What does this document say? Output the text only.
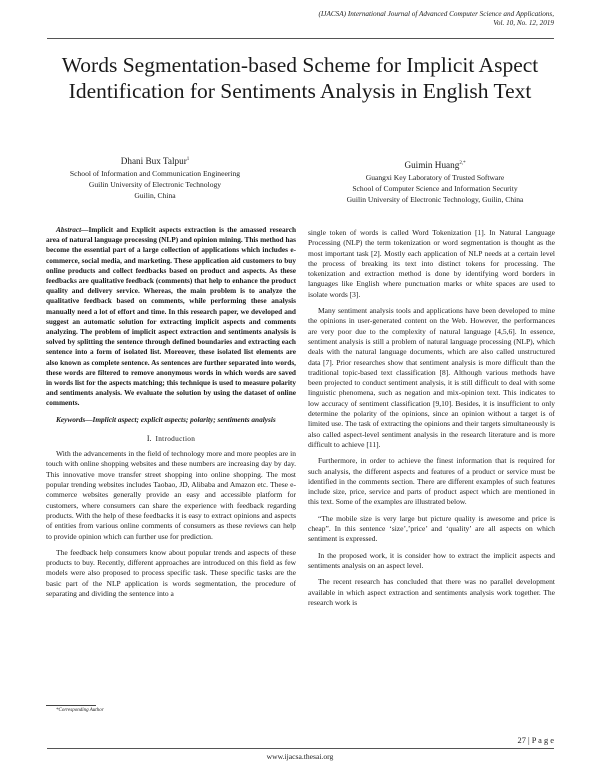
(IJACSA) International Journal of Advanced Computer Science and Applications,
Vol. 10, No. 12, 2019
Words Segmentation-based Scheme for Implicit Aspect Identification for Sentiments Analysis in English Text
Dhani Bux Talpur$^1$
School of Information and Communication Engineering
Guilin University of Electronic Technology
Guilin, China
Guimin Huang$^{2,*}$
Guangxi Key Laboratory of Trusted Software
School of Computer Science and Information Security
Guilin University of Electronic Technology, Guilin, China

Abstract—Implicit and Explicit aspects extraction is the amassed research area of natural language processing (NLP) and opinion mining. This method has become the essential part of a large collection of applications which includes e-commerce, social media, and marketing. These application aid customers to buy online products and collect feedbacks based on product and aspects. As these feedbacks are qualitative feedback (comments) that help to enhance the product quality and delivery service. Whereas, the main problem is to analyze the qualitative feedback based on comments, while performing these analysis manually need a lot of effort and time. In this research paper, we developed and suggest an automatic solution for extracting implicit aspects and comments analyzing. The problem of implicit aspect extraction and sentiments analysis is solved by splitting the sentence through defined boundaries and extracting each sentence into a form of isolated list. Moreover, these isolated list elements are also known as complete sentence. As sentences are further separated into words, these words are filtered to remove anonymous words in which words are saved in words list for the aspects matching; this technique is used to measure polarity and sentiments analysis. We evaluate the solution by using the dataset of online comments.

Keywords—Implicit aspect; explicit aspects; polarity; sentiments analysis

I. Introduction

With the advancements in the field of technology more and more peoples are in touch with online shopping websites and these numbers are increasing day by day. This innovative move transfer street shopping into online shopping. The most popular trending websites includes Taobao, JD, Alibaba and Amazon etc. These e-commerce websites generally provide an easy and accessible platform for customers, where consumers can share the experience with feedback regarding products. With the help of these feedbacks it is easy to extract opinions and aspects of entities from various online comments of consumers as these reviews can help to provide opinion which can further use for prediction.

The feedback help consumers know about popular trends and aspects of these products to buy. Recently, different approaches are introduced on this field as few models were also proposed to process specific task. These specific tasks are the basic part of the NLP application is words segmentation, the procedure of separating and dividing the sentence into a

single token of words is called Word Tokenization [1]. In Natural Language Processing (NLP) the term tokenization or word segmentation is thought as the most important task [2]. Mostly each application of NLP needs at a certain level the process of breaking its text into distinct tokens for processing. The tokenization and extraction method is done by identifying word borders in languages like English where punctuation marks or white spaces are used to isolate words [3].

Many sentiment analysis tools and applications have been developed to mine the opinions in user-generated content on the Web. However, the performances are very poor due to the complexity of natural language [4,5,6]. In essence, sentiment analysis is still a problem of natural language processing (NLP), which deals with the natural language documents, which are also called unstructured data [7]. Prior researches show that sentiment analysis is more difficult than the traditional topic-based text classification [8]. Although various methods have been projected to conduct sentiment analysis, it is still difficult to deal with some linguistic phenomena, such as negation and mix-opinion text. This indicates to low accuracy of sentiment classification [9,10]. Besides, it is insufficient to only determine the polarity of the opinions, since an opinion without a target is of limited use. The task of extracting the opinions and their targets simultaneously is also called aspect-level sentiment analysis in the research literature and is more difficult to achieve [11].

Furthermore, in order to achieve the finest information that is required for such analysis, the different aspects and features of a product or service must be identified in the comments section. There are different examples of such features include size, price, service and parts of product aspect which are mentioned in this text. Some of the examples are illustrated below.

“The mobile size is very large but picture quality is awesome and price is cheap”. In this sentence ‘size’,’price’ and ‘quality’ are all aspects on which sentiment is expressed.

In the proposed work, it is consider how to extract the implicit aspects and sentiments analysis on an aspect level.

The recent research has concluded that there was no parallel development available in which aspect extraction and sentiments analysis work together. The research work is

*Corresponding Author
27 | P a g e
www.ijacsa.thesai.org
